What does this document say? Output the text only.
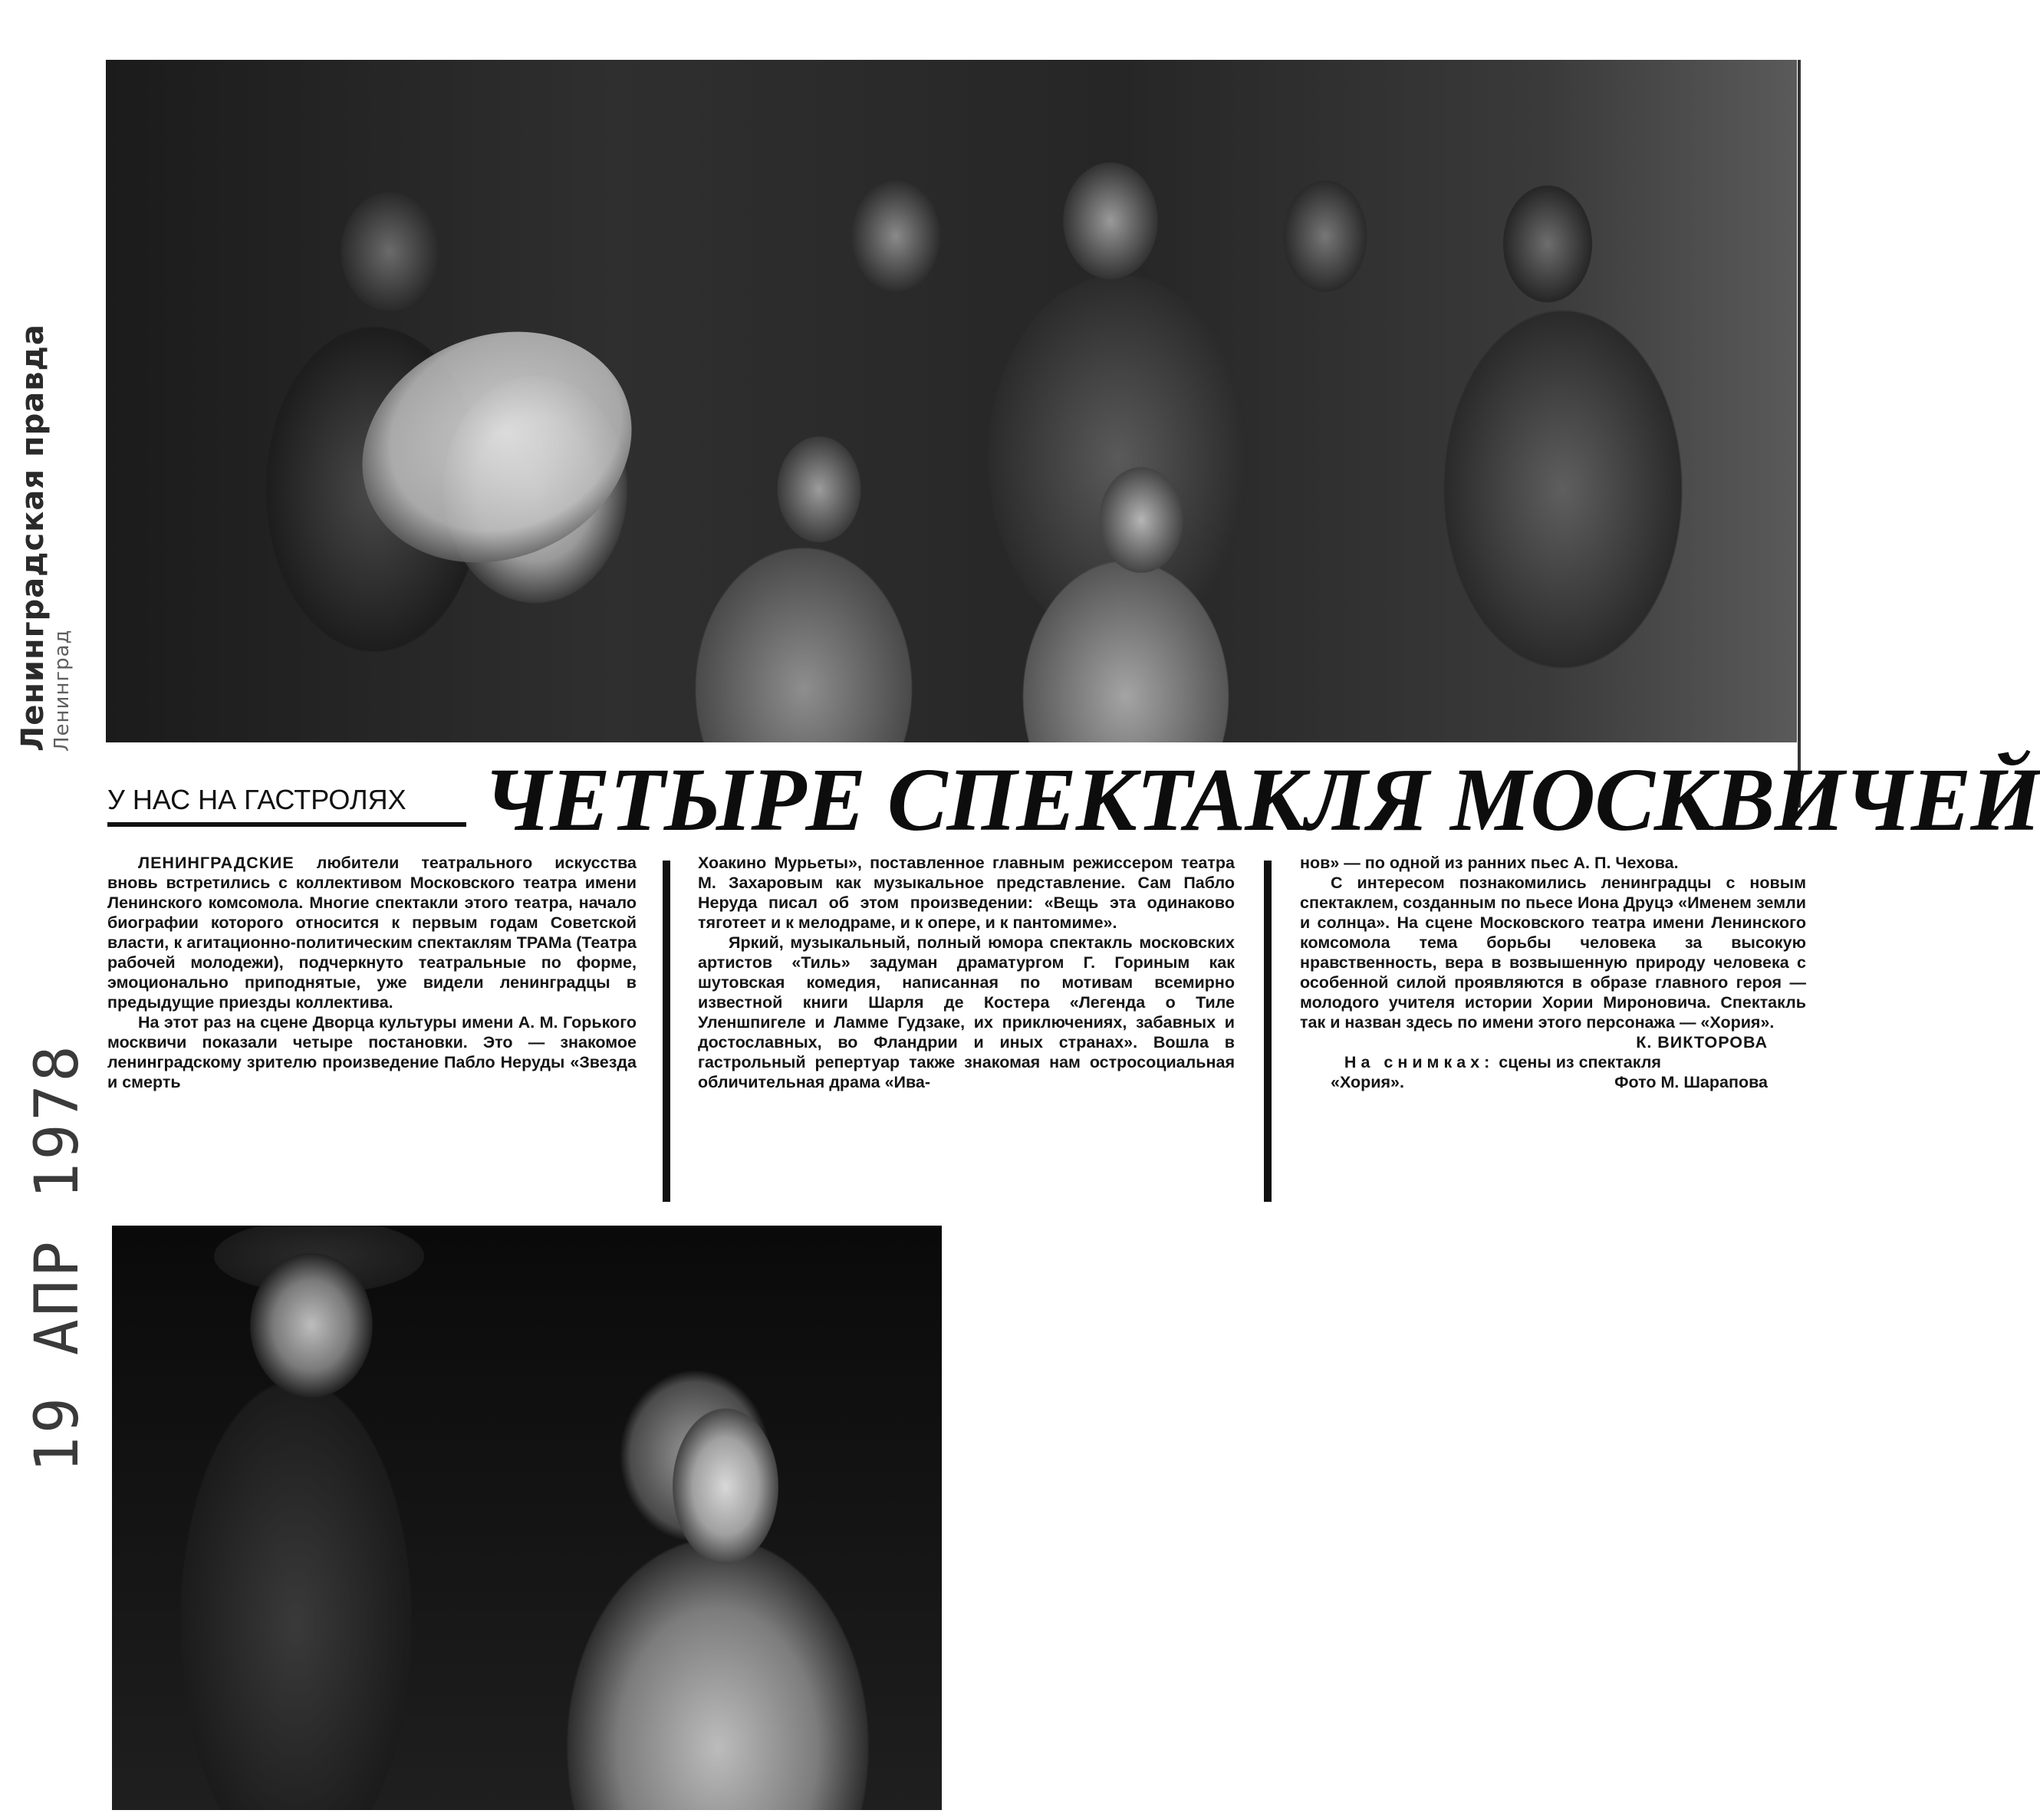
Ленинградская правда Ленинград
19 АПР 1978
У НАС НА ГАСТРОЛЯХ ЧЕТЫРЕ СПЕКТАКЛЯ МОСКВИЧЕЙ

ЛЕНИНГРАДСКИЕ любители театрального искусства вновь встретились с коллективом Московского театра имени Ленинского комсомола. Многие спектакли этого театра, начало биографии которого относится к первым годам Советской власти, к агитационно-политическим спектаклям ТРАМа (Театра рабочей молодежи), подчеркнуто театральные по форме, эмоционально приподнятые, уже видели ленинградцы в предыдущие приезды коллектива.

На этот раз на сцене Дворца культуры имени А. М. Горького москвичи показали четыре постановки. Это — знакомое ленинградскому зрителю произведение Пабло Неруды «Звезда и смерть

Хоакино Мурьеты», поставленное главным режиссером театра М. Захаровым как музыкальное представление. Сам Пабло Неруда писал об этом произведении: «Вещь эта одинаково тяготеет и к мелодраме, и к опере, и к пантомиме».

Яркий, музыкальный, полный юмора спектакль московских артистов «Тиль» задуман драматургом Г. Гориным как шутовская комедия, написанная по мотивам всемирно известной книги Шарля де Костера «Легенда о Тиле Уленшпигеле и Ламме Гудзаке, их приключениях, забавных и достославных, во Фландрии и иных странах». Вошла в гастрольный репертуар также знакомая нам остросоциальная обличительная драма «Ива-

нов» — по одной из ранних пьес А. П. Чехова.

С интересом познакомились ленинградцы с новым спектаклем, созданным по пьесе Иона Друцэ «Именем земли и солнца». На сцене Московского театра имени Ленинского комсомола тема борьбы человека за высокую нравственность, вера в возвышенную природу человека с особенной силой проявляются в образе главного героя — молодого учителя истории Хории Мироновича. Спектакль так и назван здесь по имени этого персонажа — «Хория».

К. ВИКТОРОВА

На снимках: сцены из спектакля

«Хория».	Фото М. Шарапова
